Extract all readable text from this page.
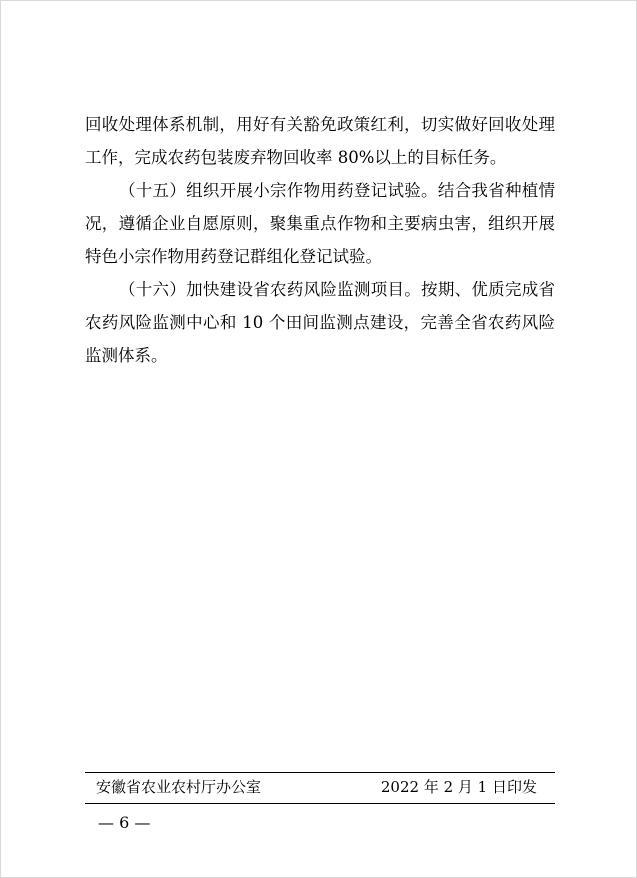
回收处理体系机制，用好有关豁免政策红利，切实做好回收处理工作，完成农药包装废弃物回收率 80%以上的目标任务。

（十五）组织开展小宗作物用药登记试验。结合我省种植情况，遵循企业自愿原则，聚集重点作物和主要病虫害，组织开展特色小宗作物用药登记群组化登记试验。

（十六）加快建设省农药风险监测项目。按期、优质完成省农药风险监测中心和 10 个田间监测点建设，完善全省农药风险监测体系。

安徽省农业农村厅办公室	2022 年 2 月 1 日印发
— 6 —
